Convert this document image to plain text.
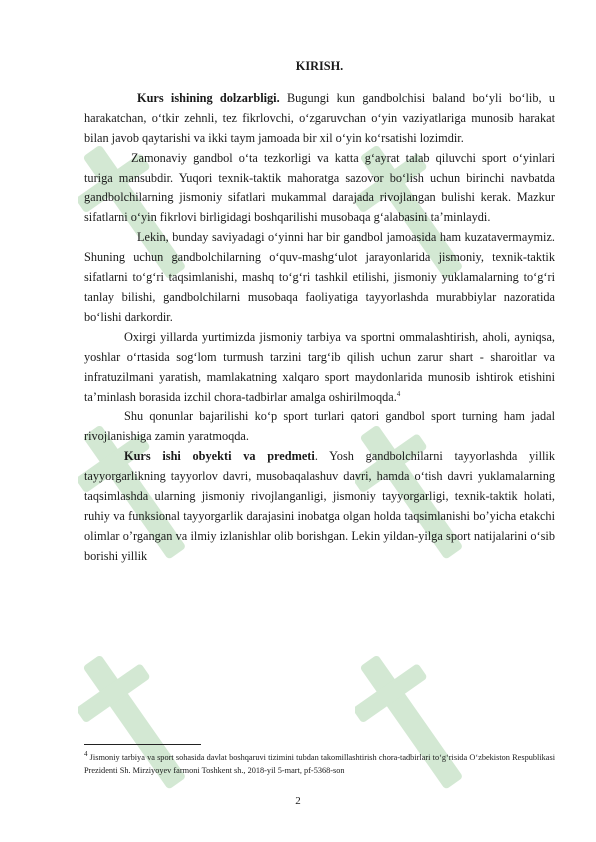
KIRISH.

Kurs ishining dolzarbligi. Bugungi kun gandbolchisi baland bo‘yli bo‘lib, u harakatchan, o‘tkir zehnli, tez fikrlovchi, o‘zgaruvchan o‘yin vaziyatlariga munosib harakat bilan javob qaytarishi va ikki taym jamoada bir xil o‘yin ko‘rsatishi lozimdir.

Zamonaviy gandbol o‘ta tezkorligi va katta g‘ayrat talab qiluvchi sport o‘yinlari turiga mansubdir. Yuqori texnik-taktik mahoratga sazovor bo‘lish uchun birinchi navbatda gandbolchilarning jismoniy sifatlari mukammal darajada rivojlangan bulishi kerak. Mazkur sifatlarni o‘yin fikrlovi birligidagi boshqarilishi musobaqa g‘alabasini ta’minlaydi.

Lekin, bunday saviyadagi o‘yinni har bir gandbol jamoasida ham kuzatavermaymiz. Shuning uchun gandbolchilarning o‘quv-mashg‘ulot jarayonlarida jismoniy, texnik-taktik sifatlarni to‘g‘ri taqsimlanishi, mashq to‘g‘ri tashkil etilishi, jismoniy yuklamalarning to‘g‘ri tanlay bilishi, gandbolchilarni musobaqa faoliyatiga tayyorlashda murabbiylar nazoratida bo‘lishi darkordir.

Oxirgi yillarda yurtimizda jismoniy tarbiya va sportni ommalashtirish, aholi, ayniqsa, yoshlar o‘rtasida sog‘lom turmush tarzini targ‘ib qilish uchun zarur shart - sharoitlar va infratuzilmani yaratish, mamlakatning xalqaro sport maydonlarida munosib ishtirok etishini ta’minlash borasida izchil chora-tadbirlar amalga oshirilmoqda.$^4$

Shu qonunlar bajarilishi ko‘p sport turlari qatori gandbol sport turning ham jadal rivojlanishiga zamin yaratmoqda.

Kurs ishi obyekti va predmeti. Yosh gandbolchilarni tayyorlashda yillik tayyorgarlikning tayyorlov davri, musobaqalashuv davri, hamda o‘tish davri yuklamalarning taqsimlashda ularning jismoniy rivojlanganligi, jismoniy tayyorgarligi, texnik-taktik holati, ruhiy va funksional tayyorgarlik darajasini inobatga olgan holda taqsimlanishi bo’yicha etakchi olimlar o’rgangan va ilmiy izlanishlar olib borishgan. Lekin yildan-yilga sport natijalarini o‘sib borishi yillik

$^4$ Jismoniy tarbiya va sport sohasida davlat boshqaruvi tizimini tubdan takomillashtirish chora-tadbirlari to‘g‘risida O‘zbekiston Respublikasi Prezidenti Sh. Mirziyoyev farmoni Toshkent sh., 2018-yil 5-mart, pf-5368-son
2
